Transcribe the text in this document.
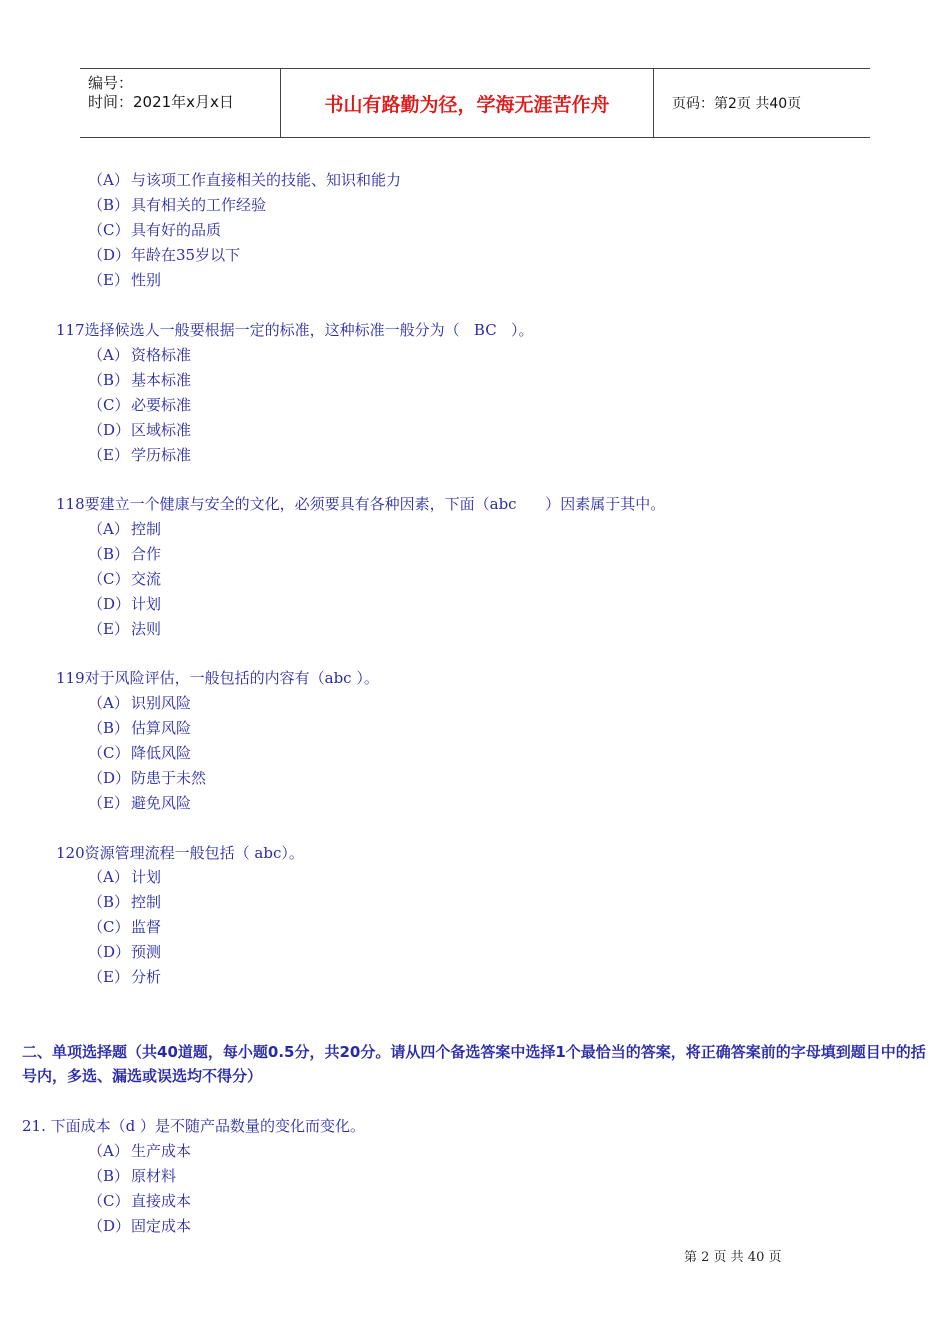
编号：
时间：2021年x月x日	书山有路勤为径，学海无涯苦作舟	页码：第2页 共40页
（A） 与该项工作直接相关的技能、知识和能力
（B） 具有相关的工作经验
（C） 具有好的品质
（D）年龄在35岁以下
（E） 性别
117选择候选人一般要根据一定的标准，这种标准一般分为（   BC   ）。
（A） 资格标准
（B） 基本标准
（C） 必要标准
（D）区域标准
（E） 学历标准
118要建立一个健康与安全的文化，必须要具有各种因素，下面（abc      ）因素属于其中。
（A） 控制
（B） 合作
（C） 交流
（D）计划
（E） 法则
119对于风险评估，一般包括的内容有（abc ）。
（A） 识别风险
（B） 估算风险
（C） 降低风险
（D）防患于未然
（E） 避免风险
120资源管理流程一般包括（ abc）。
（A） 计划
（B） 控制
（C） 监督
（D）预测
（E） 分析
二、单项选择题（共40道题，每小题0.5分，共20分。请从四个备选答案中选择1个最恰当的答案，将正确答案前的字母填到题目中的括号内，多选、漏选或误选均不得分）
21. 下面成本（d ）是不随产品数量的变化而变化。
（A） 生产成本
（B） 原材料
（C） 直接成本
（D）固定成本
第 2 页 共 40 页
